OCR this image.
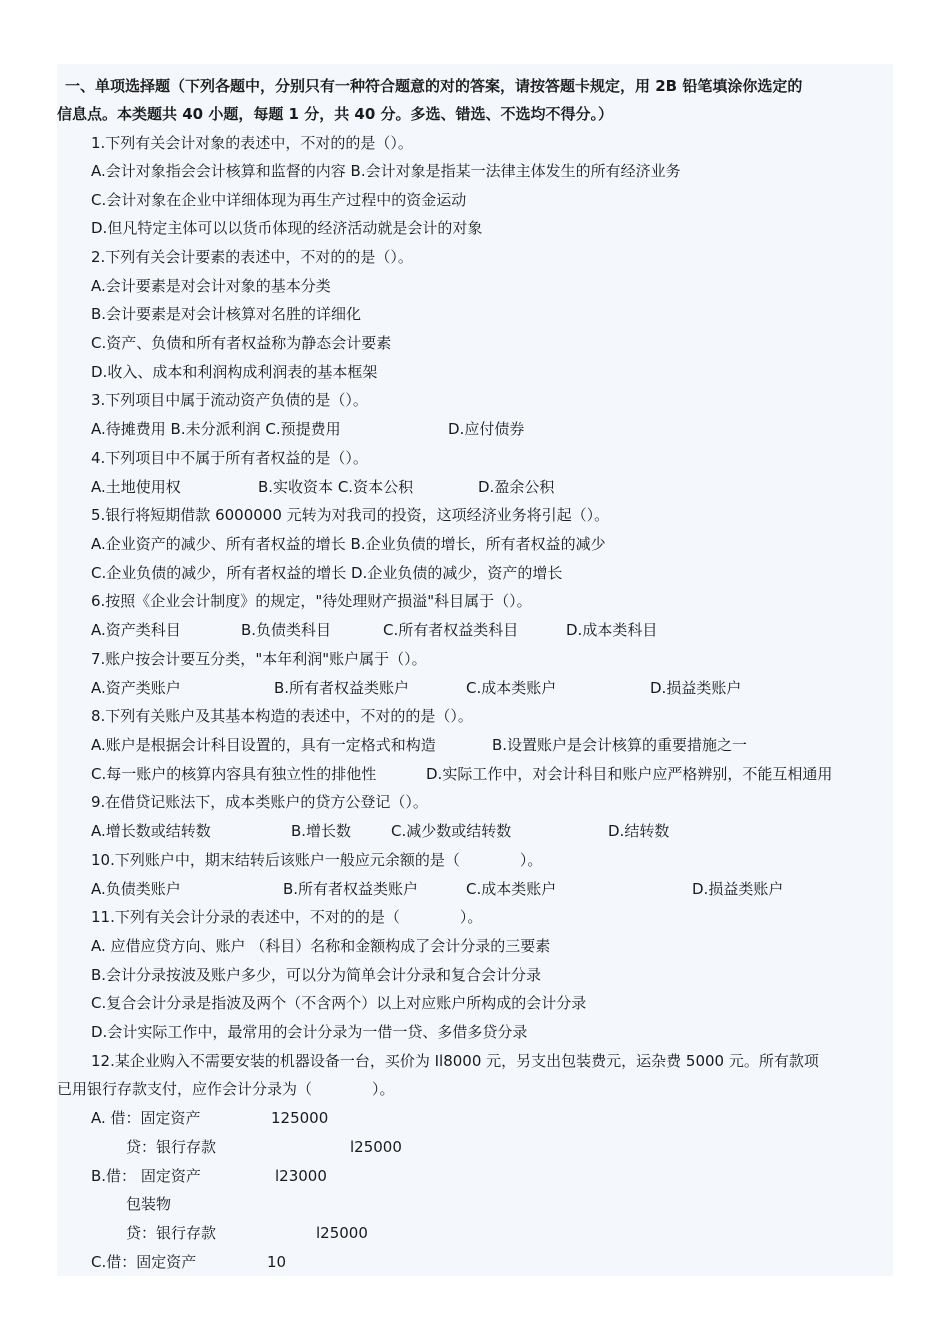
一、单项选择题（下列各题中，分别只有一种符合题意的对的答案，请按答题卡规定，用 2B 铅笔填涂你选定的
信息点。本类题共 40 小题，每题 1 分，共 40 分。多选、错选、不选均不得分。）
1.下列有关会计对象的表述中，不对的的是（）。
A.会计对象指会会计核算和监督的内容 B.会计对象是指某一法律主体发生的所有经济业务
C.会计对象在企业中详细体现为再生产过程中的资金运动
D.但凡特定主体可以以货币体现的经济活动就是会计的对象
2.下列有关会计要素的表述中，不对的的是（）。
A.会计要素是对会计对象的基本分类
B.会计要素是对会计核算对名胜的详细化
C.资产、负债和所有者权益称为静态会计要素
D.收入、成本和利润构成利润表的基本框架
3.下列项目中属于流动资产负债的是（）。
A.待摊费用 B.未分派利润 C.预提费用	D.应付债券
4.下列项目中不属于所有者权益的是（）。
A.土地使用权	B.实收资本 C.资本公积	D.盈余公积
5.银行将短期借款 6000000 元转为对我司的投资，这项经济业务将引起（）。
A.企业资产的减少、所有者权益的增长 B.企业负债的增长，所有者权益的减少
C.企业负债的减少，所有者权益的增长 D.企业负债的减少，资产的增长
6.按照《企业会计制度》的规定，"待处理财产损溢"科目属于（）。
A.资产类科目	B.负债类科目	C.所有者权益类科目	D.成本类科目
7.账户按会计要互分类，"本年利润"账户属于（）。
A.资产类账户	B.所有者权益类账户	C.成本类账户	D.损益类账户
8.下列有关账户及其基本构造的表述中，不对的的是（）。
A.账户是根据会计科目设置的，具有一定格式和构造	B.设置账户是会计核算的重要措施之一
C.每一账户的核算内容具有独立性的排他性	D.实际工作中，对会计科目和账户应严格辨别，不能互相通用
9.在借贷记账法下，成本类账户的贷方公登记（）。
A.增长数或结转数	B.增长数	C.减少数或结转数	D.结转数
10.下列账户中，期末结转后该账户一般应元余额的是（　　　　）。
A.负债类账户	B.所有者权益类账户	C.成本类账户	D.损益类账户
11.下列有关会计分录的表述中，不对的的是（　　　　）。
A. 应借应贷方向、账户 （科目）名称和金额构成了会计分录的三要素
B.会计分录按波及账户多少，可以分为简单会计分录和复合会计分录
C.复合会计分录是指波及两个（不含两个）以上对应账户所构成的会计分录
D.会计实际工作中，最常用的会计分录为一借一贷、多借多贷分录
12.某企业购入不需要安装的机器设备一台，买价为 Il8000 元，另支出包装费元，运杂费 5000 元。所有款项
已用银行存款支付，应作会计分录为（　　　　）。
A. 借：固定资产	125000
贷：银行存款	l25000
B.借： 固定资产	l23000
包装物
贷：银行存款	l25000
C.借：固定资产	10
